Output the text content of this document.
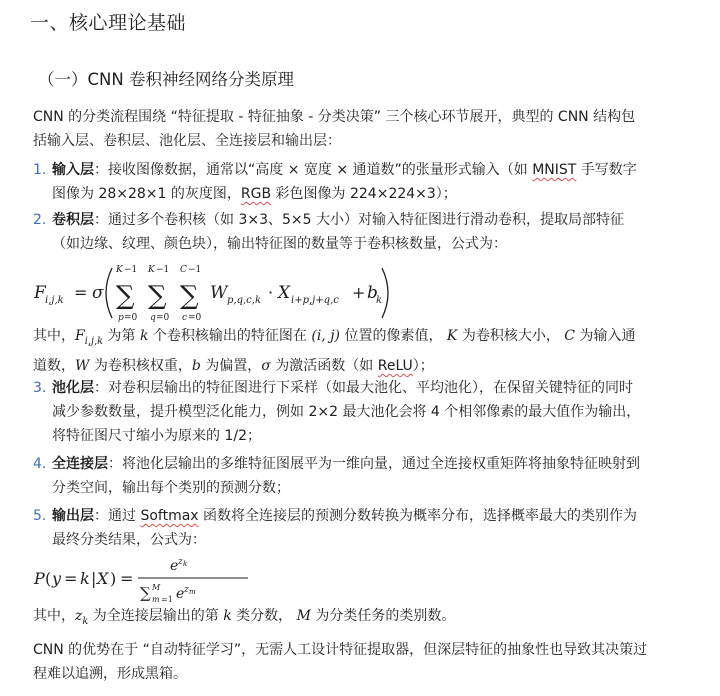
一、核心理论基础
（一）CNN 卷积神经网络分类原理

CNN 的分类流程围绕 “特征提取 - 特征抽象 - 分类决策” 三个核心环节展开，典型的 CNN 结构包
括输入层、卷积层、池化层、全连接层和输出层：

1. 输入层：接收图像数据，通常以“高度 × 宽度 × 通道数”的张量形式输入（如 MNIST 手写数字
图像为 28×28×1 的灰度图，RGB 彩色图像为 224×224×3）；
2. 卷积层：通过多个卷积核（如 3×3、5×5 大小）对输入特征图进行滑动卷积，提取局部特征
（如边缘、纹理、颜色块），输出特征图的数量等于卷积核数量，公式为：
F i,j,k = σ
K −1
∑
p =0
K −1
∑
q =0
C −1
∑
c =0
W p,q,c,k · X i+p,j+q,c + b
k

其中，$F_{i,j,k}$ 为第 k 个卷积核输出的特征图在 (i, j) 位置的像素值， K 为卷积核大小， C 为输入通
道数，W 为卷积核权重，b 为偏置，σ 为激活函数（如 ReLU）；

3. 池化层：对卷积层输出的特征图进行下采样（如最大池化、平均池化），在保留关键特征的同时
减少参数数量，提升模型泛化能力，例如 2×2 最大池化会将 4 个相邻像素的最大值作为输出，
将特征图尺寸缩小为原来的 1/2；
4. 全连接层：将池化层输出的多维特征图展平为一维向量，通过全连接权重矩阵将抽象特征映射到
分类空间，输出每个类别的预测分数；
5. 输出层：通过 Softmax 函数将全连接层的预测分数转换为概率分布，选择概率最大的类别作为
最终分类结果，公式为：
P ( y = k | X ) =
e z k
∑ M
m =1 e z m

其中，$z_k$ 为全连接层输出的第 k 类分数， M 为分类任务的类别数。

CNN 的优势在于 “自动特征学习”，无需人工设计特征提取器，但深层特征的抽象性也导致其决策过
程难以追溯，形成黑箱。
